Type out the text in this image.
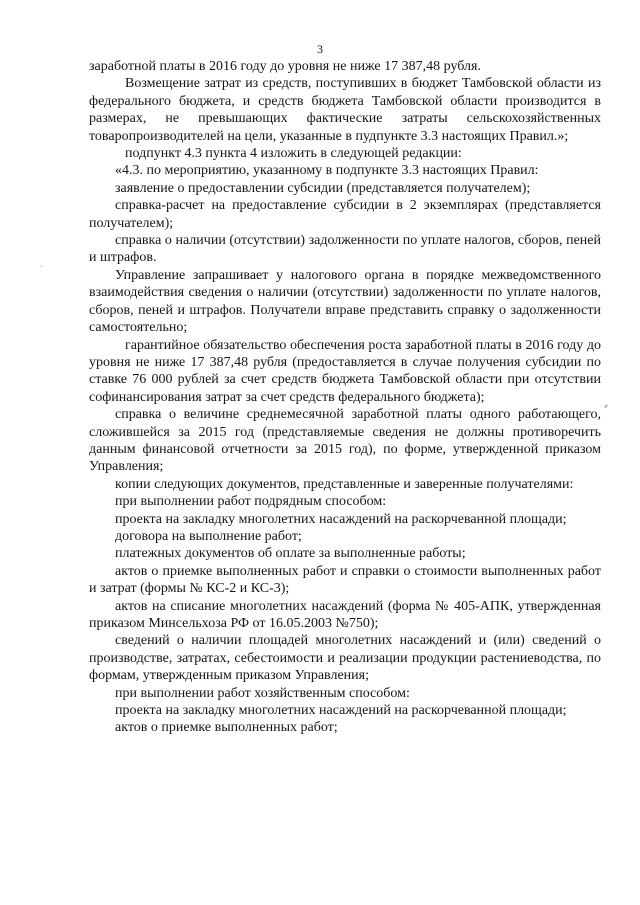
3

заработной платы в 2016 году до уровня не ниже 17 387,48 рубля.

Возмещение затрат из средств, поступивших в бюджет Тамбовской области из федерального бюджета, и средств бюджета Тамбовской области производится в размерах, не превышающих фактические затраты сельскохозяйственных товаропроизводителей на цели, указанные в пудпункте 3.3 настоящих Правил.»;

подпункт 4.3 пункта 4 изложить в следующей редакции:

«4.3. по мероприятию, указанному в подпункте 3.3 настоящих Правил:

заявление о предоставлении субсидии (представляется получателем);

справка-расчет на предоставление субсидии в 2 экземплярах (представляется получателем);

справка о наличии (отсутствии) задолженности по уплате налогов, сборов, пеней и штрафов.

Управление запрашивает у налогового органа в порядке межведомственного взаимодействия сведения о наличии (отсутствии) задолженности по уплате налогов, сборов, пеней и штрафов. Получатели вправе представить справку о задолженности самостоятельно;

гарантийное обязательство обеспечения роста заработной платы в 2016 году до уровня не ниже 17 387,48 рубля (предоставляется в случае получения субсидии по ставке 76 000 рублей за счет средств бюджета Тамбовской области при отсутствии софинансирования затрат за счет средств федерального бюджета);

справка о величине среднемесячной заработной платы одного работающего, сложившейся за 2015 год (представляемые сведения не должны противоречить данным финансовой отчетности за 2015 год), по форме, утвержденной приказом Управления;

копии следующих документов, представленные и заверенные получателями:

при выполнении работ подрядным способом:

проекта на закладку многолетних насаждений на раскорчеванной площади;

договора на выполнение работ;

платежных документов об оплате за выполненные работы;

актов о приемке выполненных работ и справки о стоимости выполненных работ и затрат (формы № КС-2 и КС-3);

актов на списание многолетних насаждений (форма № 405-АПК, утвержденная приказом Минсельхоза РФ от 16.05.2003 №750);

сведений о наличии площадей многолетних насаждений и (или) сведений о производстве, затратах, себестоимости и реализации продукции растениеводства, по формам, утвержденным приказом Управления;

при выполнении работ хозяйственным способом:

проекта на закладку многолетних насаждений на раскорчеванной площади;

актов о приемке выполненных работ;

⸗
·
